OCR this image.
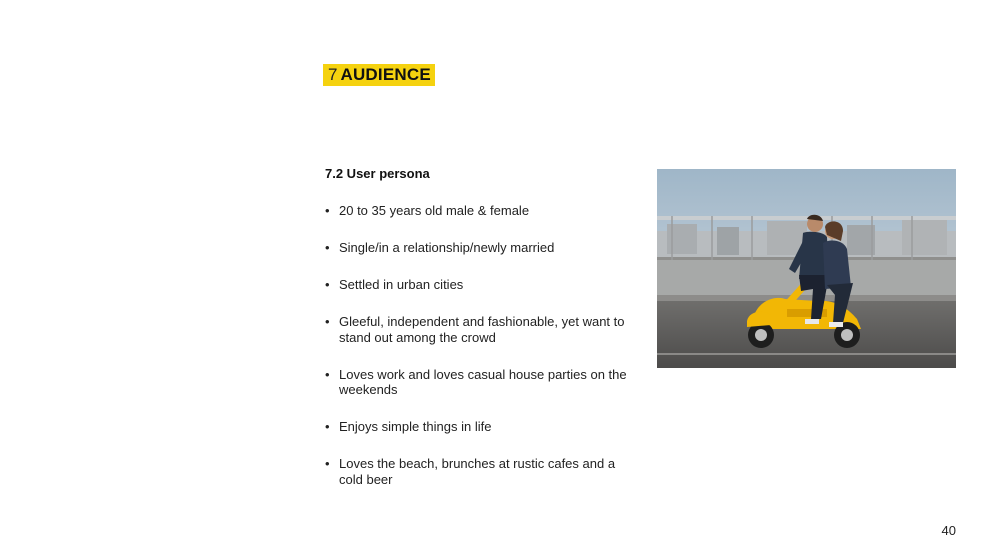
7 AUDIENCE
7.2 User persona
• 20 to 35 years old male & female
• Single/in a relationship/newly married
• Settled in urban cities
• Gleeful, independent and fashionable, yet want to stand out among the crowd
• Loves work and loves casual house parties on the weekends
• Enjoys simple things in life
• Loves the beach, brunches at rustic cafes and a cold beer
40
